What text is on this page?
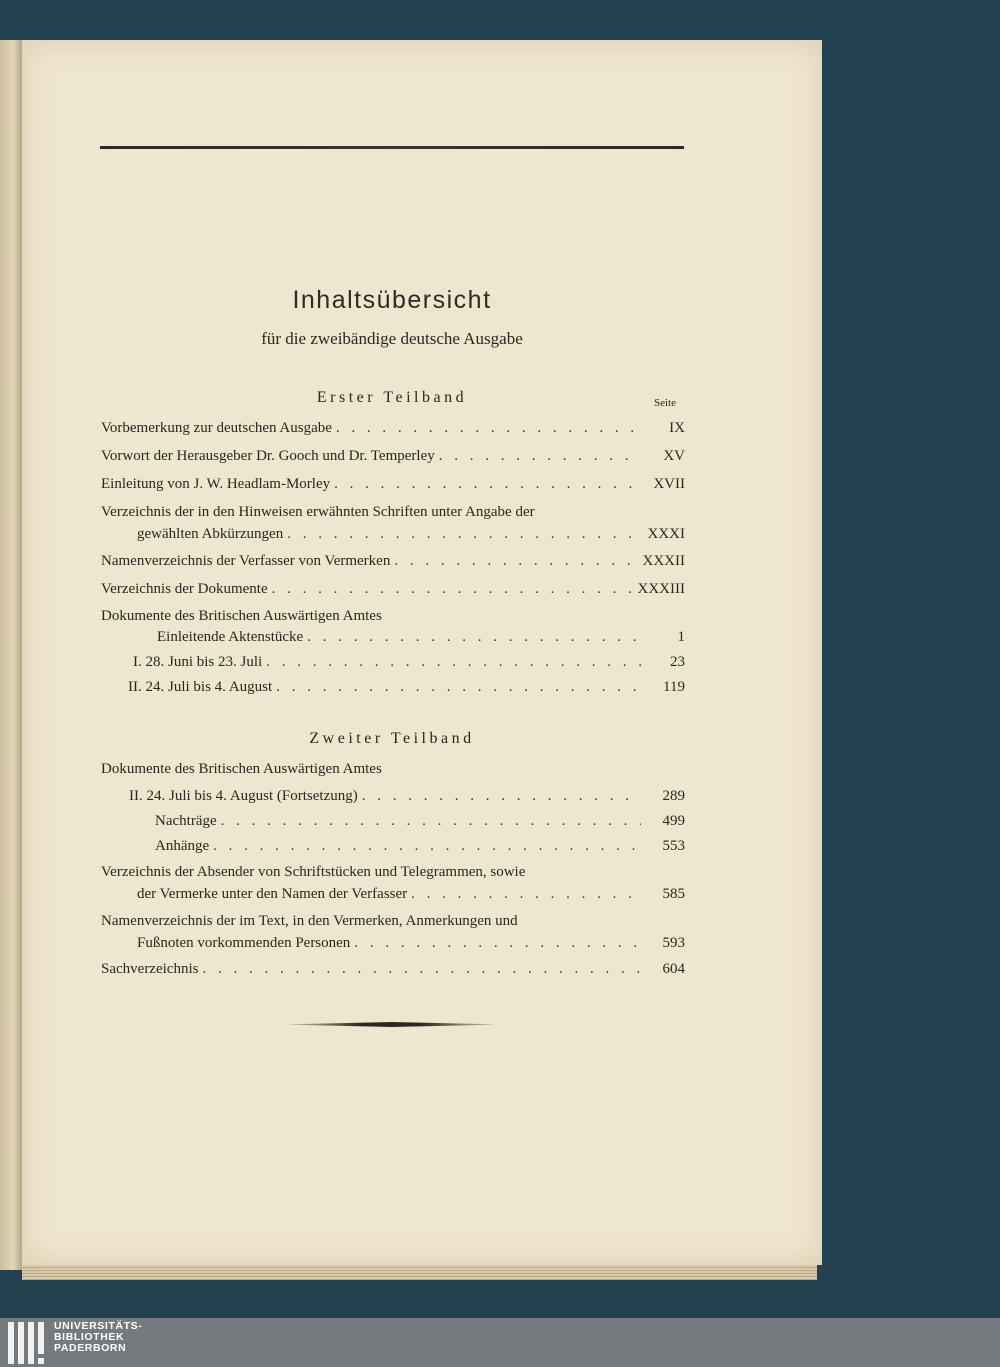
Inhaltsübersicht
für die zweibändige deutsche Ausgabe
Erster Teilband	Seite
Vorbemerkung zur deutschen Ausgabe . . .	IX
Vorwort der Herausgeber Dr. Gooch und Dr. Temperley . . .	XV
Einleitung von J. W. Headlam-Morley . . .	XVII
Verzeichnis der in den Hinweisen erwähnten Schriften unter Angabe der
gewählten Abkürzungen . . .	XXXI
Namenverzeichnis der Verfasser von Vermerken . . .	XXXII
Verzeichnis der Dokumente . . .	XXXIII
Dokumente des Britischen Auswärtigen Amtes
Einleitende Aktenstücke . . .	1
I. 28. Juni bis 23. Juli . . .	23
II. 24. Juli bis 4. August . . .	119
Zweiter Teilband
Dokumente des Britischen Auswärtigen Amtes
II. 24. Juli bis 4. August (Fortsetzung) . . .	289
Nachträge . . .	499
Anhänge . . .	553
Verzeichnis der Absender von Schriftstücken und Telegrammen, sowie
der Vermerke unter den Namen der Verfasser . . .	585
Namenverzeichnis der im Text, in den Vermerken, Anmerkungen und
Fußnoten vorkommenden Personen . . .	593
Sachverzeichnis . . .	604
UNIVERSITÄTS-
BIBLIOTHEK
PADERBORN
